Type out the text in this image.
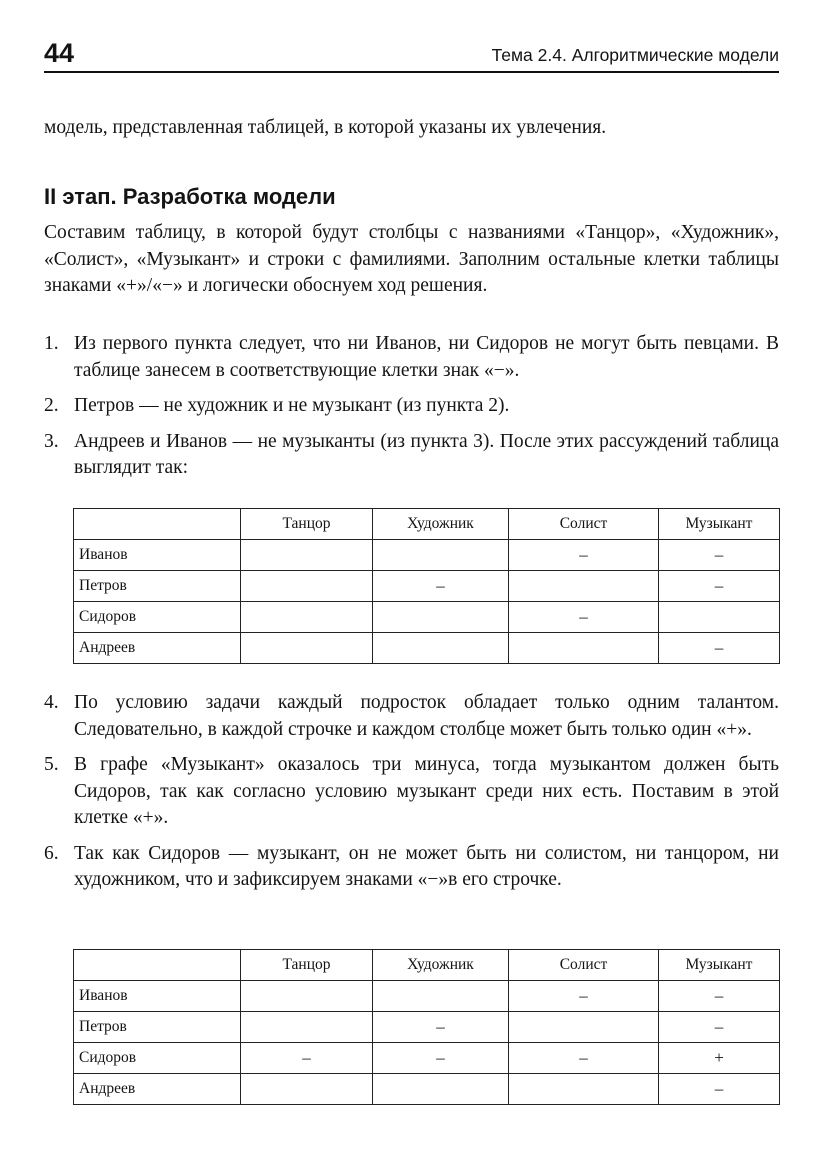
44	Тема 2.4. Алгоритмические модели

модель, представленная таблицей, в которой указаны их увлечения.

II этап. Разработка модели

Составим таблицу, в которой будут столбцы с названиями «Танцор», «Художник», «Солист», «Музыкант» и строки с фамилиями. Заполним остальные клетки таблицы знаками «+»/«−» и логически обоснуем ход решения.

1. Из первого пункта следует, что ни Иванов, ни Сидоров не могут быть певцами. В таблице занесем в соответствующие клетки знак «−».
2. Петров — не художник и не музыкант (из пункта 2).
3. Андреев и Иванов — не музыканты (из пункта 3). После этих рассуждений таблица выглядит так:
	Танцор	Художник	Солист	Музыкант
Иванов			–	–
Петров		–		–
Сидоров			–	
Андреев				–
4. По условию задачи каждый подросток обладает только одним талантом. Следовательно, в каждой строчке и каждом столбце может быть только один «+».
5. В графе «Музыкант» оказалось три минуса, тогда музыкантом должен быть Сидоров, так как согласно условию музыкант среди них есть. Поставим в этой клетке «+».
6. Так как Сидоров — музыкант, он не может быть ни солистом, ни танцором, ни художником, что и зафиксируем знаками «−»в его строчке.
	Танцор	Художник	Солист	Музыкант
Иванов			–	–
Петров		–		–
Сидоров	–	–	–	+
Андреев				–
